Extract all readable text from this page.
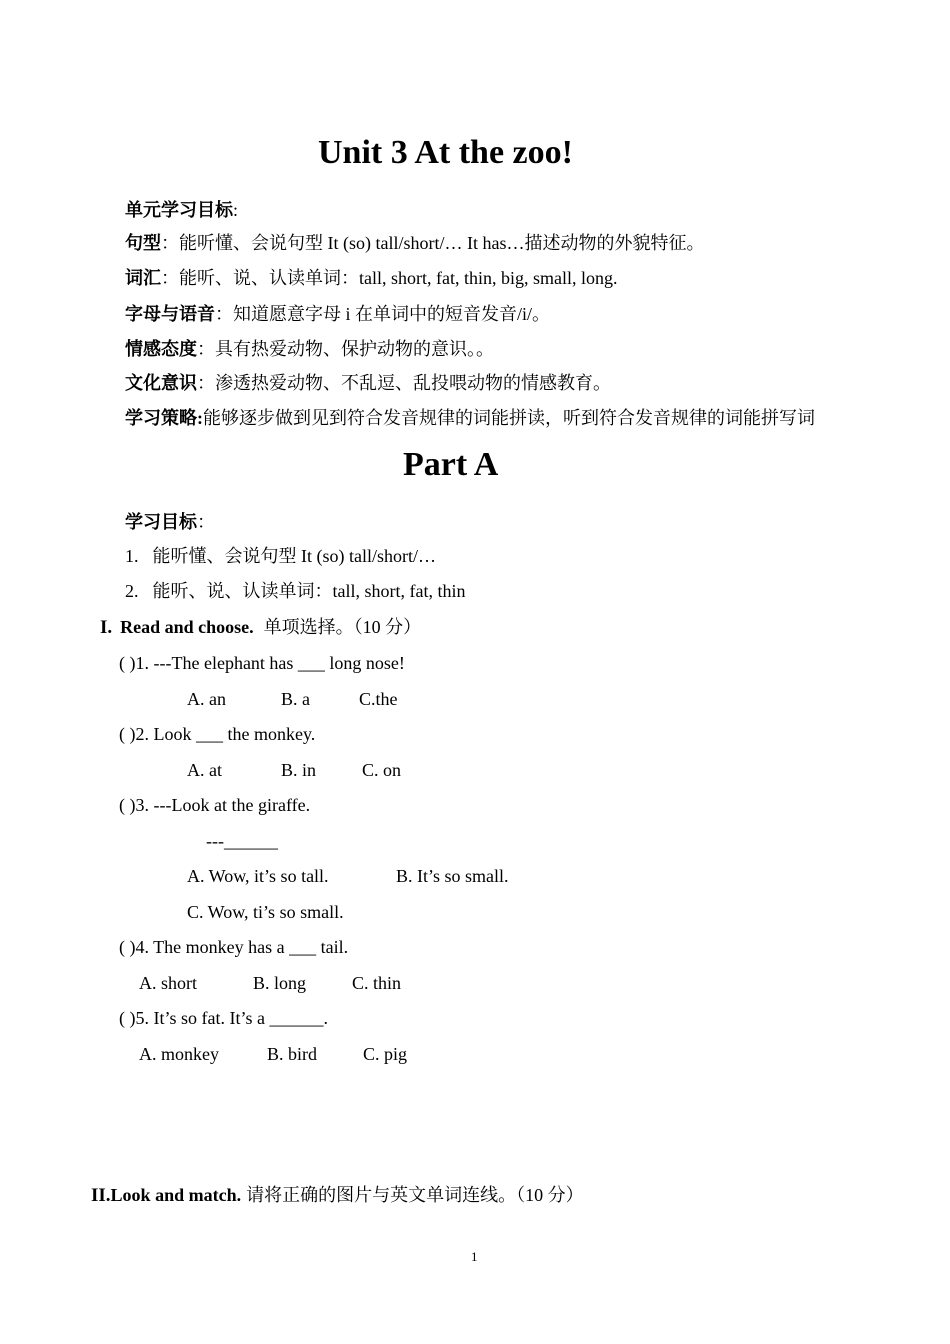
Unit 3 At the zoo!
单元学习目标:
句型：能听懂、会说句型 It (so) tall/short/… It has…描述动物的外貌特征。
词汇：能听、说、认读单词：tall, short, fat, thin, big, small, long.
字母与语音：知道愿意字母 i 在单词中的短音发音/i/。
情感态度：具有热爱动物、保护动物的意识。。
文化意识：渗透热爱动物、不乱逗、乱投喂动物的情感教育。
学习策略:能够逐步做到见到符合发音规律的词能拼读，听到符合发音规律的词能拼写词
Part A
学习目标：
1. 能听懂、会说句型 It (so) tall/short/…
2. 能听、说、认读单词：tall, short, fat, thin
I. Read and choose. 单项选择。（10 分）
( )1. ---The elephant has ___ long nose!
A. an	B. a	C.the
( )2. Look ___ the monkey.
A. at	B. in	C. on
( )3. ---Look at the giraffe.
---______
A. Wow, it’s so tall.	B. It’s so small.
C. Wow, ti’s so small.
( )4. The monkey has a ___ tail.
A. short	B. long	C. thin
( )5. It’s so fat. It’s a ______.
A. monkey	B. bird	C. pig
II.Look and match. 请将正确的图片与英文单词连线。（10 分）
1
